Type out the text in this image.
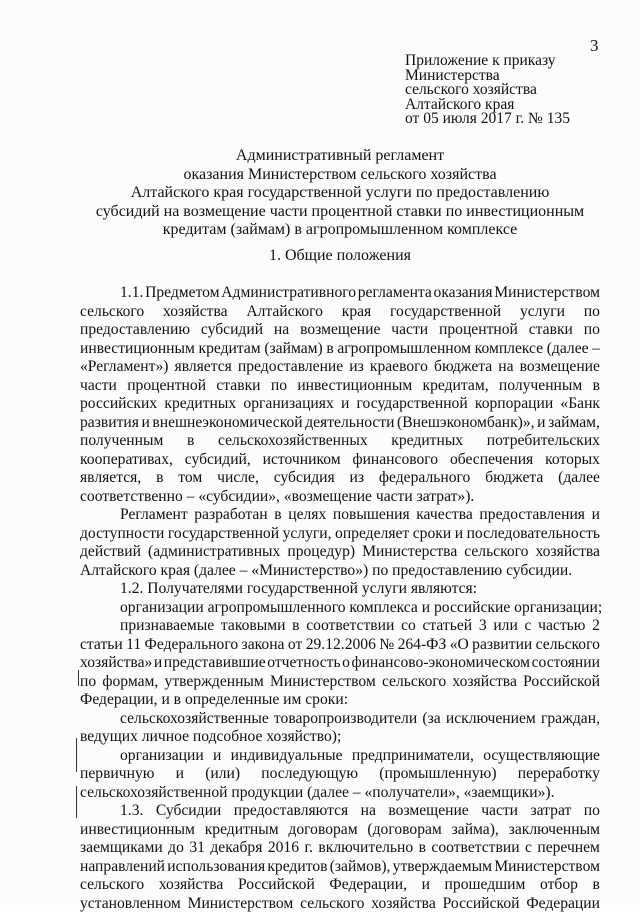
3
Приложение к приказу
Министерства
сельского хозяйства
Алтайского края
от 05 июля 2017 г. № 135
Административный регламент
оказания Министерством сельского хозяйства
Алтайского края государственной услуги по предоставлению
субсидий на возмещение части процентной ставки по инвестиционным
кредитам (займам) в агропромышленном комплексе
1. Общие положения
1.1. Предметом Административного регламента оказания Министерством
сельского хозяйства Алтайского края государственной услуги по
предоставлению субсидий на возмещение части процентной ставки по
инвестиционным кредитам (займам) в агропромышленном комплексе (далее –
«Регламент») является предоставление из краевого бюджета на возмещение
части процентной ставки по инвестиционным кредитам, полученным в
российских кредитных организациях и государственной корпорации «Банк
развития и внешнеэкономической деятельности (Внешэкономбанк)», и займам,
полученным в сельскохозяйственных кредитных потребительских
кооперативах, субсидий, источником финансового обеспечения которых
является, в том числе, субсидия из федерального бюджета (далее
соответственно – «субсидии», «возмещение части затрат»).
Регламент разработан в целях повышения качества предоставления и
доступности государственной услуги, определяет сроки и последовательность
действий (административных процедур) Министерства сельского хозяйства
Алтайского края (далее – «Министерство») по предоставлению субсидии.
1.2. Получателями государственной услуги являются:
организации агропромышленного комплекса и российские организации;
признаваемые таковыми в соответствии со статьей 3 или с частью 2
статьи 11 Федерального закона от 29.12.2006 № 264-ФЗ «О развитии сельского
хозяйства» и представившие отчетность о финансово-экономическом состоянии
по формам, утвержденным Министерством сельского хозяйства Российской
Федерации, и в определенные им сроки:
сельскохозяйственные товаропроизводители (за исключением граждан,
ведущих личное подсобное хозяйство);
организации и индивидуальные предприниматели, осуществляющие
первичную и (или) последующую (промышленную) переработку
сельскохозяйственной продукции (далее – «получатели», «заемщики»).
1.3. Субсидии предоставляются на возмещение части затрат по
инвестиционным кредитным договорам (договорам займа), заключенным
заемщиками до 31 декабря 2016 г. включительно в соответствии с перечнем
направлений использования кредитов (займов), утверждаемым Министерством
сельского хозяйства Российской Федерации, и прошедшим отбор в
установленном Министерством сельского хозяйства Российской Федерации
